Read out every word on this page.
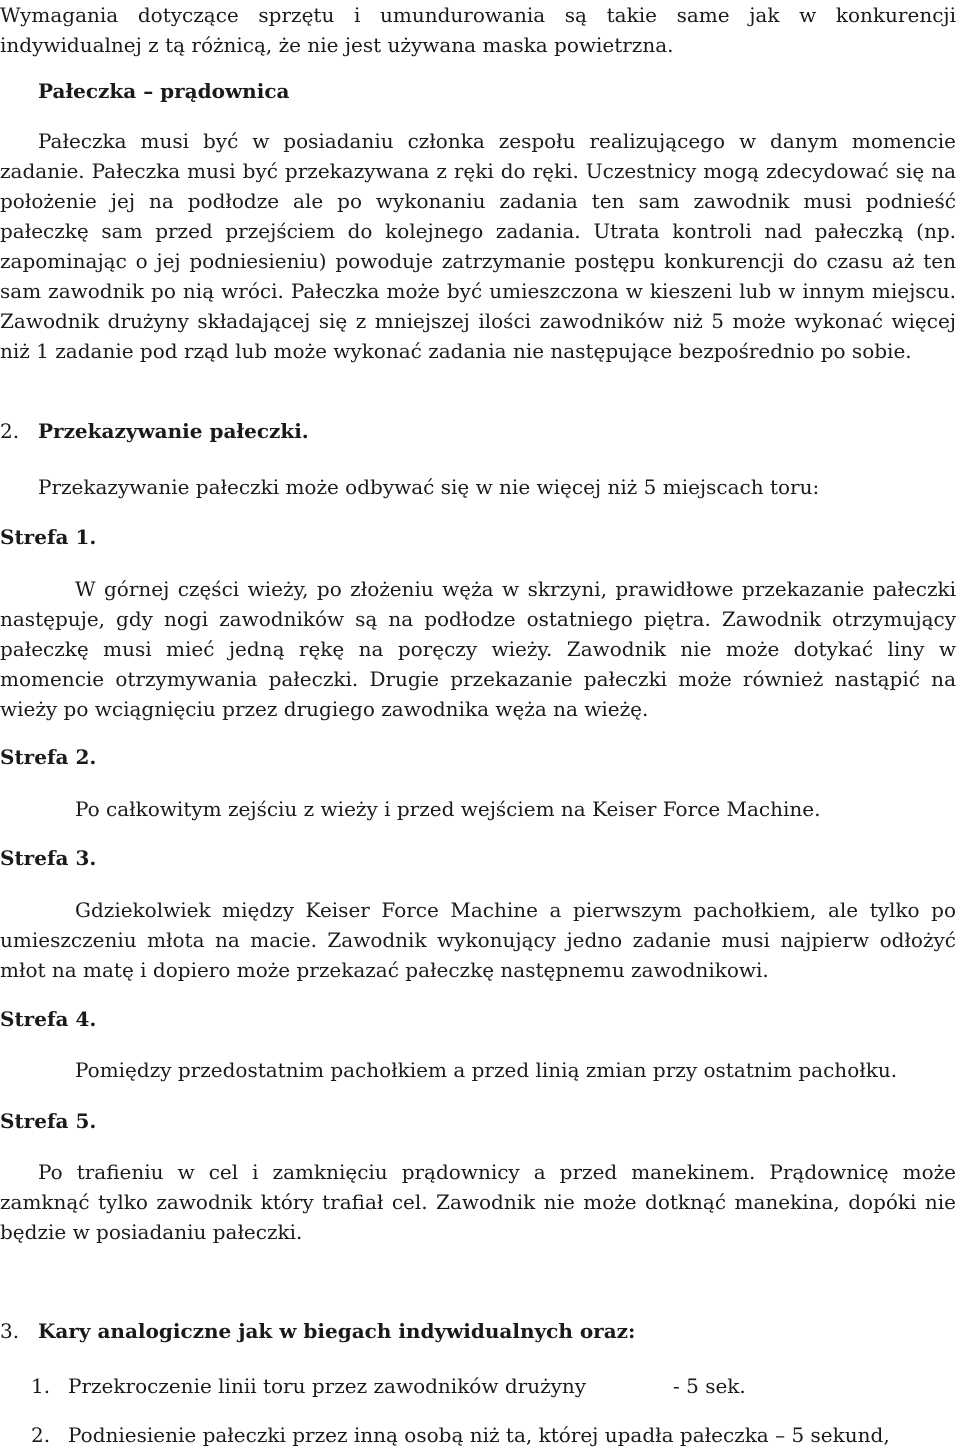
Wymagania dotyczące sprzętu i umundurowania są takie same jak w konkurencji indywidualnej z tą różnicą, że nie jest używana maska powietrzna.

Pałeczka – prądownica

Pałeczka musi być w posiadaniu członka zespołu realizującego w danym momencie zadanie. Pałeczka musi być przekazywana z ręki do ręki. Uczestnicy mogą zdecydować się na położenie jej na podłodze ale po wykonaniu zadania ten sam zawodnik musi podnieść pałeczkę sam przed przejściem do kolejnego zadania. Utrata kontroli nad pałeczką (np. zapominając o jej podniesieniu) powoduje zatrzymanie postępu konkurencji do czasu aż ten sam zawodnik po nią wróci. Pałeczka może być umieszczona w kieszeni lub w innym miejscu. Zawodnik drużyny składającej się z mniejszej ilości zawodników niż 5 może wykonać więcej niż 1 zadanie pod rząd lub może wykonać zadania nie następujące bezpośrednio po sobie.

2. Przekazywanie pałeczki.
Przekazywanie pałeczki może odbywać się w nie więcej niż 5 miejscach toru:
Strefa 1.

W górnej części wieży, po złożeniu węża w skrzyni, prawidłowe przekazanie pałeczki następuje, gdy nogi zawodników są na podłodze ostatniego piętra. Zawodnik otrzymujący pałeczkę musi mieć jedną rękę na poręczy wieży. Zawodnik nie może dotykać liny w momencie otrzymywania pałeczki. Drugie przekazanie pałeczki może również nastąpić na wieży po wciągnięciu przez drugiego zawodnika węża na wieżę.

Strefa 2.
Po całkowitym zejściu z wieży i przed wejściem na Keiser Force Machine.
Strefa 3.

Gdziekolwiek między Keiser Force Machine a pierwszym pachołkiem, ale tylko po umieszczeniu młota na macie. Zawodnik wykonujący jedno zadanie musi najpierw odłożyć młot na matę i dopiero może przekazać pałeczkę następnemu zawodnikowi.

Strefa 4.
Pomiędzy przedostatnim pachołkiem a przed linią zmian przy ostatnim pachołku.
Strefa 5.

Po trafieniu w cel i zamknięciu prądownicy a przed manekinem. Prądownicę może zamknąć tylko zawodnik który trafiał cel. Zawodnik nie może dotknąć manekina, dopóki nie będzie w posiadaniu pałeczki.

3. Kary analogiczne jak w biegach indywidualnych oraz:
1. Przekroczenie linii toru przez zawodników drużyny	- 5 sek.
2. Podniesienie pałeczki przez inną osobą niż ta, której upadła pałeczka – 5 sekund,
